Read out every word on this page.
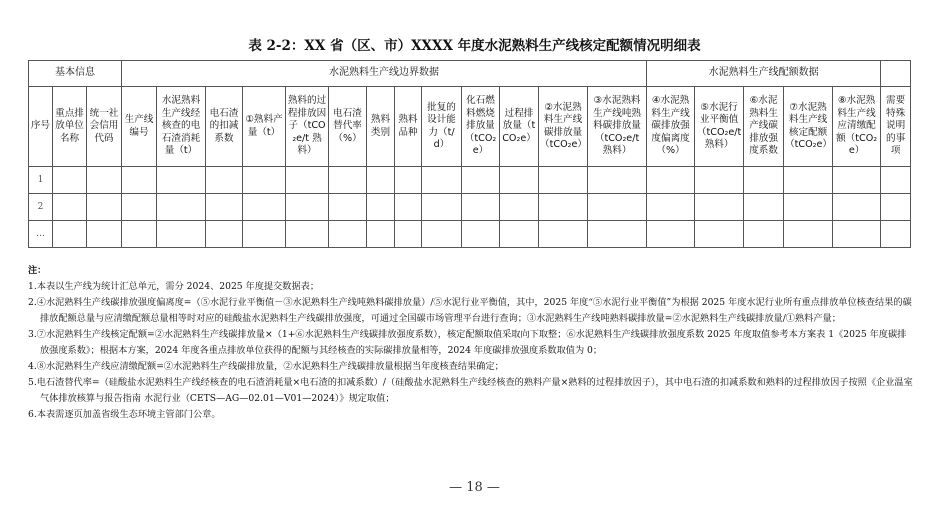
表 2-2：XX 省（区、市）XXXX 年度水泥熟料生产线核定配额情况明细表
基本信息			水泥熟料生产线边界数据													水泥熟料生产线配额数据					
序号	重点排放单位名称	统一社会信用代码	生产线编号	水泥熟料生产线经核查的电石渣消耗量（t）	电石渣的扣减系数	①熟料产量（t）	熟料的过程排放因子（tCO₂e/t 熟料）	电石渣替代率（%）	熟料类别	熟料品种	批复的设计能力（t/d）	化石燃料燃烧排放量（tCO₂e）	过程排放量（tCO₂e）	②水泥熟料生产线碳排放量（tCO₂e）	③水泥熟料生产线吨熟料碳排放量（tCO₂e/t 熟料）	④水泥熟料生产线碳排放强度偏离度（%）	⑤水泥行业平衡值（tCO₂e/t 熟料）	⑥水泥熟料生产线碳排放强度系数	⑦水泥熟料生产线核定配额（tCO₂e）	⑧水泥熟料生产线应清缴配额（tCO₂e）	需要特殊说明的事项
1																					
2																					
…																					
注：

1.本表以生产线为统计汇总单元，需分 2024、2025 年度提交数据表；

2.④水泥熟料生产线碳排放强度偏离度=（⑤水泥行业平衡值－③水泥熟料生产线吨熟料碳排放量）/⑤水泥行业平衡值，其中，2025 年度“⑤水泥行业平衡值”为根据 2025 年度水泥行业所有重点排放单位核查结果的碳排放配额总量与应清缴配额总量相等时对应的硅酸盐水泥熟料生产线碳排放强度，可通过全国碳市场管理平台进行查询；③水泥熟料生产线吨熟料碳排放量=②水泥熟料生产线碳排放量/①熟料产量；

3.⑦水泥熟料生产线核定配额=②水泥熟料生产线碳排放量×（1+⑥水泥熟料生产线碳排放强度系数），核定配额取值采取向下取整；⑥水泥熟料生产线碳排放强度系数 2025 年度取值参考本方案表 1《2025 年度碳排放强度系数》；根据本方案，2024 年度各重点排放单位获得的配额与其经核查的实际碳排放量相等，2024 年度碳排放强度系数取值为 0；

4.⑧水泥熟料生产线应清缴配额=②水泥熟料生产线碳排放量，②水泥熟料生产线碳排放量根据当年度核查结果确定；

5.电石渣替代率=（硅酸盐水泥熟料生产线经核查的电石渣消耗量×电石渣的扣减系数）/（硅酸盐水泥熟料生产线经核查的熟料产量×熟料的过程排放因子），其中电石渣的扣减系数和熟料的过程排放因子按照《企业温室气体排放核算与报告指南 水泥行业（CETS—AG—02.01—V01—2024）》规定取值；

6.本表需逐页加盖省级生态环境主管部门公章。

— 18 —
